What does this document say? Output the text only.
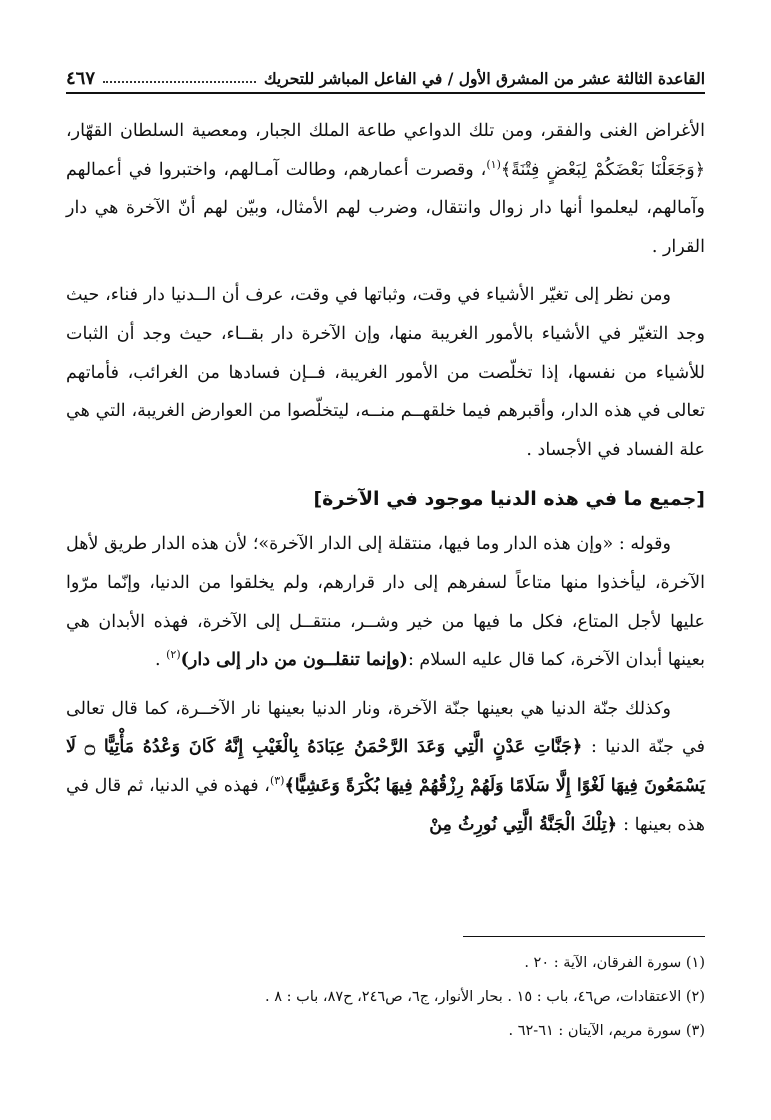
القاعدة الثالثة عشر من المشرق الأول / في الفاعل المباشر للتحريك
٤٦٧

الأغراض الغنى والفقر، ومن تلك الدواعي طاعة الملك الجبار، ومعصية السلطان القهّار، ﴿وَجَعَلْنَا بَعْضَكُمْ لِبَعْضٍ فِتْنَةً﴾$^{(١)}$، وقصرت أعمارهم، وطالت آمـالهم، واختبروا في أعمالهم وآمالهم، ليعلموا أنها دار زوال وانتقال، وضرب لهم الأمثال، وبيّن لهم أنّ الآخرة هي دار القرار .

ومن نظر إلى تغيّر الأشياء في وقت، وثباتها في وقت، عرف أن الــدنيا دار فناء، حيث وجد التغيّر في الأشياء بالأمور الغريبة منها، وإن الآخرة دار بقــاء، حيث وجد أن الثبات للأشياء من نفسها، إذا تخلّصت من الأمور الغريبة، فــإن فسادها من الغرائب، فأماتهم تعالى في هذه الدار، وأقبرهم فيما خلقهــم منــه، ليتخلّصوا من العوارض الغريبة، التي هي علة الفساد في الأجساد .

[جميع ما في هذه الدنيا موجود في الآخرة]

وقوله : «وإن هذه الدار وما فيها، منتقلة إلى الدار الآخرة»؛ لأن هذه الدار طريق لأهل الآخرة، ليأخذوا منها متاعاً لسفرهم إلى دار قرارهم، ولم يخلقوا من الدنيا، وإنّما مرّوا عليها لأجل المتاع، فكل ما فيها من خير وشــر، منتقــل إلى الآخرة، فهذه الأبدان هي بعينها أبدان الآخرة، كما قال عليه السلام :(وإنما تنقلــون من دار إلى دار)$^{(٢)}$ .

وكذلك جنّة الدنيا هي بعينها جنّة الآخرة، ونار الدنيا بعينها نار الآخــرة، كما قال تعالى في جنّة الدنيا : ﴿جَنَّاتِ عَدْنٍ الَّتِي وَعَدَ الرَّحْمَنُ عِبَادَهُ بِالْغَيْبِ إِنَّهُ كَانَ وَعْدُهُ مَأْتِيًّا ۝ لَا يَسْمَعُونَ فِيهَا لَغْوًا إِلَّا سَلَامًا وَلَهُمْ رِزْقُهُمْ فِيهَا بُكْرَةً وَعَشِيًّا﴾$^{(٣)}$، فهذه في الدنيا، ثم قال في هذه بعينها : ﴿تِلْكَ الْجَنَّةُ الَّتِي نُورِثُ مِنْ

(١) سورة الفرقان، الآية : ٢٠ .

(٢) الاعتقادات، ص٤٦، باب : ١٥ . بحار الأنوار، ج٦، ص٢٤٦، ح٨٧، باب : ٨ .

(٣) سورة مريم، الآيتان : ٦١-٦٢ .
